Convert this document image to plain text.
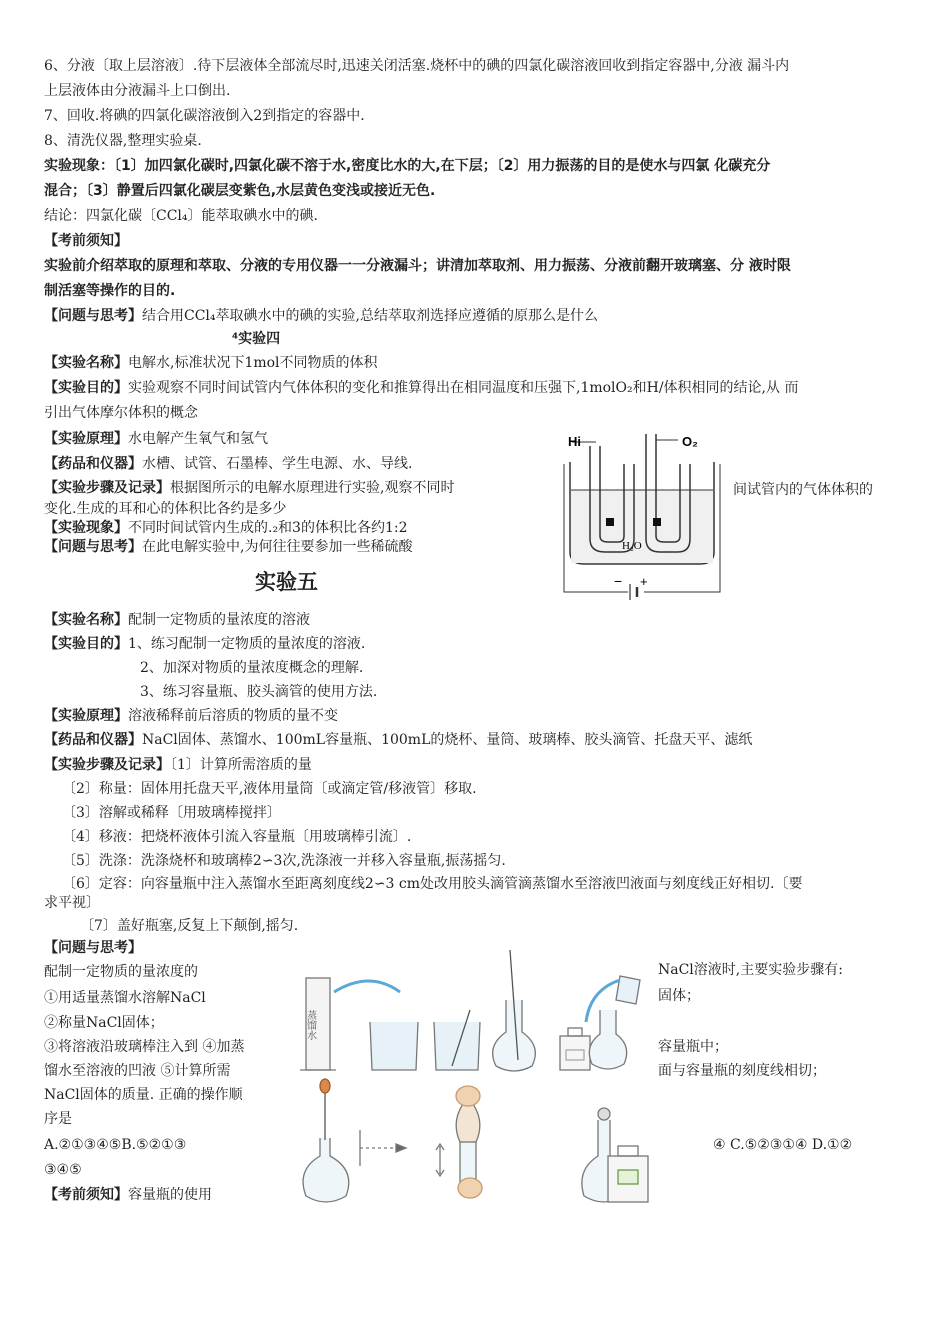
6、分液〔取上层溶液〕.待下层液体全部流尽时,迅速关闭活塞.烧杯中的碘的四氯化碳溶液回收到指定容器中,分液 漏斗内
上层液体由分液漏斗上口倒出.
7、回收.将碘的四氯化碳溶液倒入2到指定的容器中.
8、清洗仪器,整理实验桌.
实验现象：〔1〕加四氯化碳时,四氯化碳不溶于水,密度比水的大,在下层；〔2〕用力振荡的目的是使水与四氯 化碳充分
混合；〔3〕静置后四氯化碳层变紫色,水层黄色变浅或接近无色.
结论：四氯化碳〔CCl₄〕能萃取碘水中的碘.
【考前须知】
实验前介绍萃取的原理和萃取、分液的专用仪器一一分液漏斗；讲清加萃取剂、用力振荡、分液前翻开玻璃塞、分 液时限
制活塞等操作的目的.
【问题与思考】结合用CCl₄萃取碘水中的碘的实验,总结萃取剂选择应遵循的原那么是什么
⁴实验四
【实验名称】电解水,标准状况下1mol不同物质的体积
【实验目的】实验观察不同时间试管内气体体积的变化和推算得出在相同温度和压强下,1molO₂和H/体积相同的结论,从 而
引出气体摩尔体积的概念
【实验原理】水电解产生氧气和氢气
【药品和仪器】水槽、试管、石墨棒、学生电源、水、导线.
【实验步骤及记录】根据图所示的电解水原理进行实验,观察不同时	间试管内的气体体积的
变化.生成的耳和心的体积比各约是多少
【实验现象】不同时间试管内生成的.₂和3的体积比各约1:2
【问题与思考】在此电解实验中,为何往往要参加一些稀硫酸
Hi	O₂
H₂O
− +
实验五
【实验名称】配制一定物质的量浓度的溶液
【实验目的】1、练习配制一定物质的量浓度的溶液.
2、加深对物质的量浓度概念的理解.
3、练习容量瓶、胶头滴管的使用方法.
【实验原理】溶液稀释前后溶质的物质的量不变
【药品和仪器】NaCl固体、蒸馏水、100mL容量瓶、100mL的烧杯、量筒、玻璃棒、胶头滴管、托盘天平、滤纸
【实验步骤及记录】〔1〕计算所需溶质的量
〔2〕称量：固体用托盘天平,液体用量筒〔或滴定管/移液管〕移取.
〔3〕溶解或稀释〔用玻璃棒搅拌〕
〔4〕移液：把烧杯液体引流入容量瓶〔用玻璃棒引流〕.
〔5〕洗涤：洗涤烧杯和玻璃棒2∽3次,洗涤液一并移入容量瓶,振荡摇匀.
〔6〕定容：向容量瓶中注入蒸馏水至距离刻度线2∽3 cm处改用胶头滴管滴蒸馏水至溶液凹液面与刻度线正好相切.〔要
求平视〕
〔7〕盖好瓶塞,反复上下颠倒,摇匀.
【问题与思考】
配制一定物质的量浓度的
①用适量蒸馏水溶解NaCl
②称量NaCl固体；
③将溶液沿玻璃棒注入到 ④加蒸
馏水至溶液的凹液 ⑤计算所需
NaCl固体的质量. 正确的操作顺
序是
A.②①③④⑤B.⑤②①③
③④⑤
【考前须知】容量瓶的使用
NaCl溶液时,主要实验步骤有:
固体；
容量瓶中；
面与容量瓶的刻度线相切；
④ C.⑤②③①④ D.①②
蒸馏水
